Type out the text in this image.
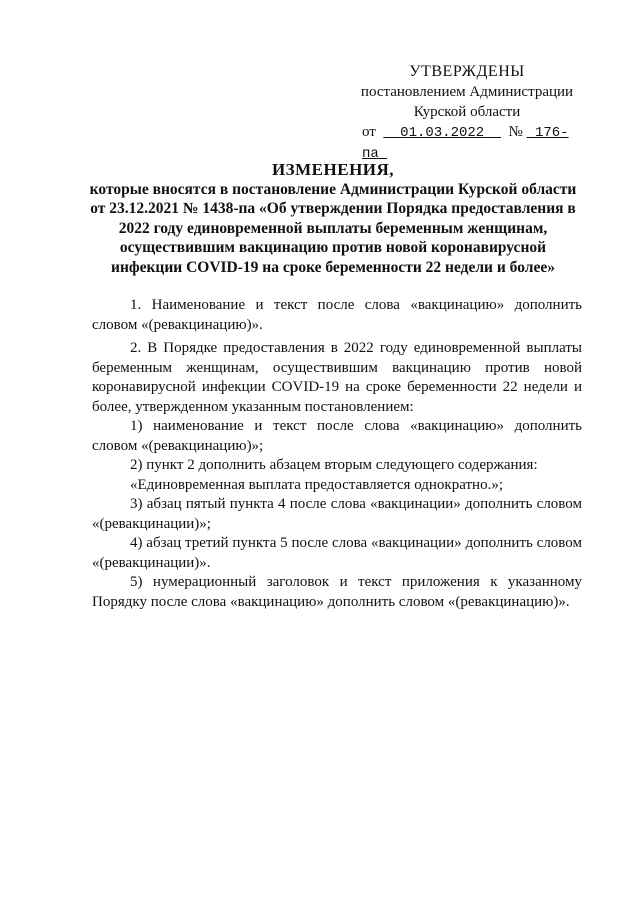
УТВЕРЖДЕНЫ
постановлением Администрации
Курской области
от 01.03.2022 № 176-па
ИЗМЕНЕНИЯ,
которые вносятся в постановление Администрации Курской области
от 23.12.2021 № 1438-па «Об утверждении Порядка предоставления в
2022 году единовременной выплаты беременным женщинам,
осуществившим вакцинацию против новой коронавирусной
инфекции COVID-19 на сроке беременности 22 недели и более»

1. Наименование и текст после слова «вакцинацию» дополнить словом «(ревакцинацию)».

2. В Порядке предоставления в 2022 году единовременной выплаты беременным женщинам, осуществившим вакцинацию против новой коронавирусной инфекции COVID-19 на сроке беременности 22 недели и более, утвержденном указанным постановлением:

1) наименование и текст после слова «вакцинацию» дополнить словом «(ревакцинацию)»;

2) пункт 2 дополнить абзацем вторым следующего содержания:

«Единовременная выплата предоставляется однократно.»;

3) абзац пятый пункта 4 после слова «вакцинации» дополнить словом «(ревакцинации)»;

4) абзац третий пункта 5 после слова «вакцинации» дополнить словом «(ревакцинации)».

5) нумерационный заголовок и текст приложения к указанному Порядку после слова «вакцинацию» дополнить словом «(ревакцинацию)».
